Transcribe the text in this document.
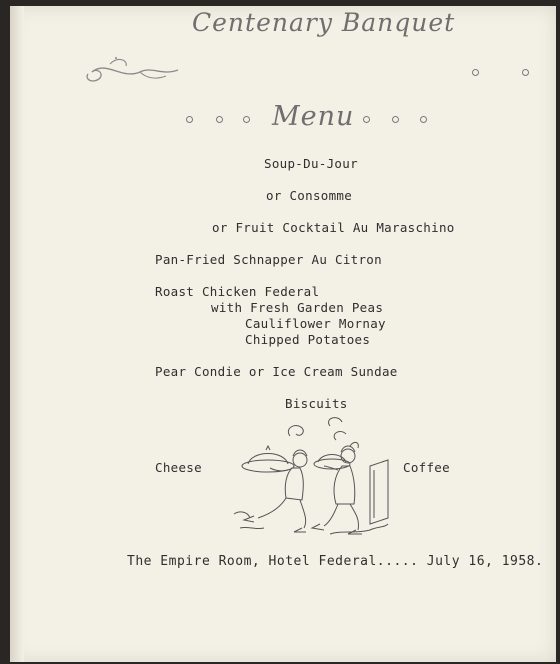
Centenary Banquet
Menu
Soup-Du-Jour
or Consomme
or Fruit Cocktail Au Maraschino
Pan-Fried Schnapper Au Citron
Roast Chicken Federal
with Fresh Garden Peas
Cauliflower Mornay
Chipped Potatoes
Pear Condie or Ice Cream Sundae
Biscuits
Cheese	Coffee
The Empire Room, Hotel Federal..... July 16, 1958.
